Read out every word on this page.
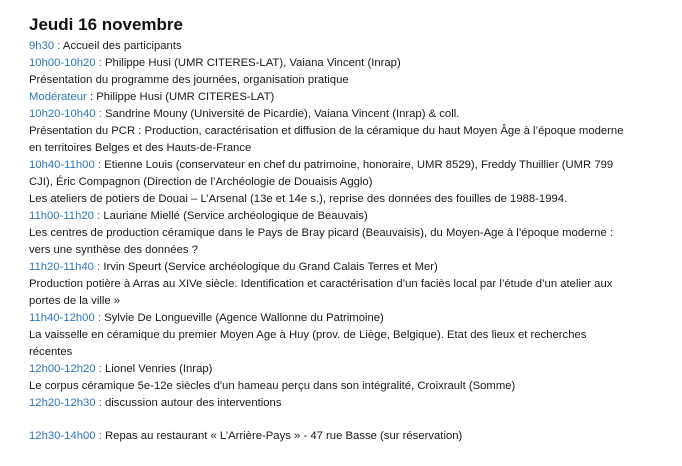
Jeudi 16 novembre
9h30 : Accueil des participants
10h00-10h20 : Philippe Husi (UMR CITERES-LAT), Vaiana Vincent (Inrap)
Présentation du programme des journées, organisation pratique
Modérateur : Philippe Husi (UMR CITERES-LAT)
10h20-10h40 : Sandrine Mouny (Université de Picardie), Vaiana Vincent (Inrap) & coll.
Présentation du PCR : Production, caractérisation et diffusion de la céramique du haut Moyen Âge à l’époque moderne en territoires Belges et des Hauts-de-France
10h40-11h00 : Etienne Louis (conservateur en chef du patrimoine, honoraire, UMR 8529), Freddy Thuillier (UMR 799 CJI), Éric Compagnon (Direction de l’Archéologie de Douaisis Agglo)
Les ateliers de potiers de Douai – L’Arsenal (13e et 14e s.), reprise des données des fouilles de 1988-1994.
11h00-11h20 : Lauriane Miellé (Service archéologique de Beauvais)
Les centres de production céramique dans le Pays de Bray picard (Beauvaisis), du Moyen-Age à l’époque moderne : vers une synthèse des données ?
11h20-11h40 : Irvin Speurt (Service archéologique du Grand Calais Terres et Mer)
Production potière à Arras au XIVe siècle. Identification et caractérisation d’un faciès local par l’étude d’un atelier aux portes de la ville »
11h40-12h00 : Sylvie De Longueville (Agence Wallonne du Patrimoine)
La vaisselle en céramique du premier Moyen Age à Huy (prov. de Liège, Belgique). Etat des lieux et recherches récentes
12h00-12h20 : Lionel Venries (Inrap)
Le corpus céramique 5e-12e siècles d'un hameau perçu dans son intégralité, Croixrault (Somme)
12h20-12h30 : discussion autour des interventions
12h30-14h00 : Repas au restaurant « L’Arrière-Pays » - 47 rue Basse (sur réservation)
